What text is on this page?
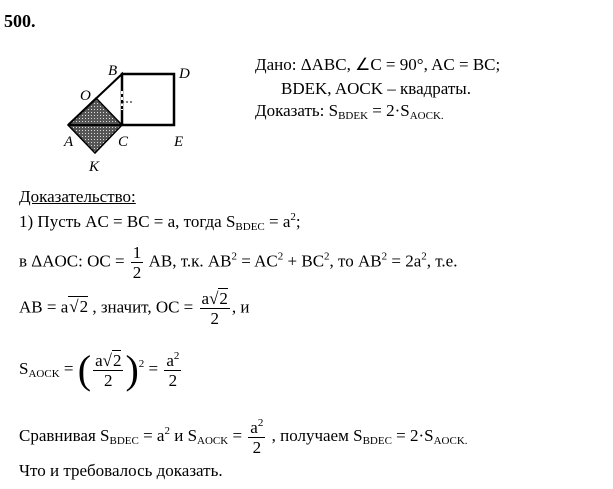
500.
B	D
O
A	C	E
K
Дано: ΔABC, ∠C = 90°, AC = BC;
BDEK, AOCK – квадраты.
Доказать: $S_{BDEK} = 2\cdot S_{AOCK.}$
Доказательство:
1) Пусть AC = BC = a, тогда $S_{BDEC} = a^2$;
в ΔAOC: OC = $\frac{1}{2}$ AB, т.к. $AB^2 = AC^2 + BC^2$, то $AB^2 = 2a^2$, т.е.
AB = a√2 , значит, OC = $\frac{a√2}{2}$ , и
$S_{AOCK}$ = ( $\frac{a√2}{2} )^2 = \frac{a^2}{2}$
Сравнивая $S_{BDEC} = a^2$ и $S_{AOCK} = \frac{a^2}{2}$ , получаем $S_{BDEC} = 2\cdot S_{AOCK.}$
Что и требовалось доказать.
